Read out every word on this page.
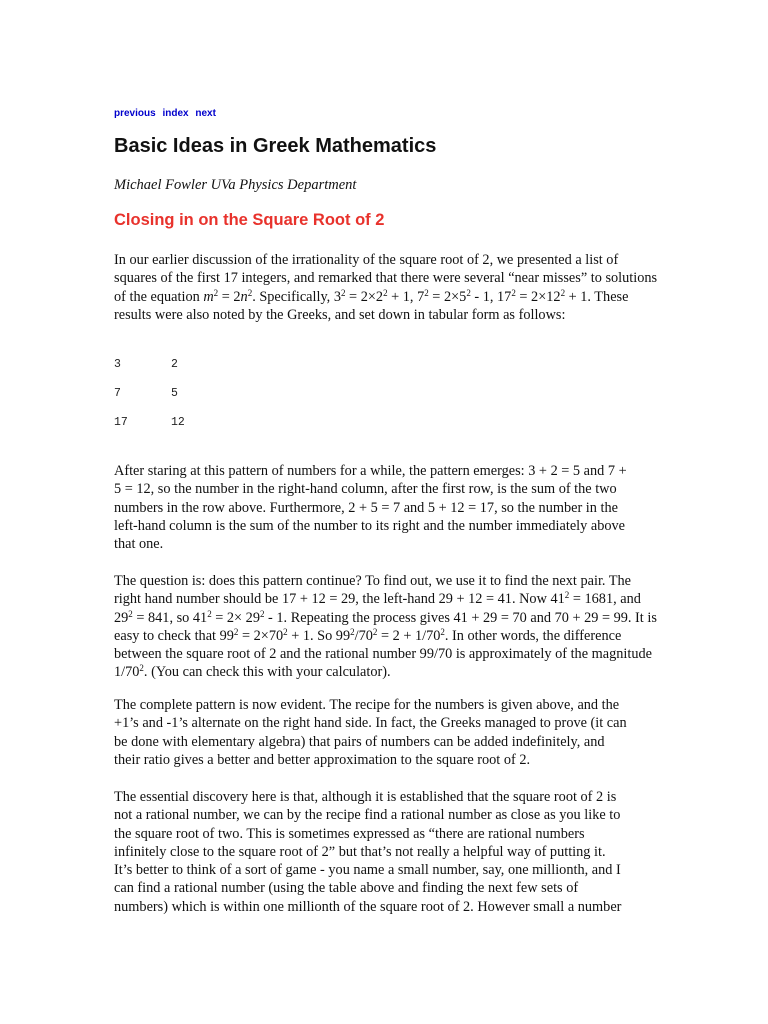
previous index next
Basic Ideas in Greek Mathematics
Michael Fowler UVa Physics Department
Closing in on the Square Root of 2

In our earlier discussion of the irrationality of the square root of 2, we presented a list of squares of the first 17 integers, and remarked that there were several “near misses” to solutions of the equation $m^2 = 2n^2$. Specifically, $3^2 = 2\times 2^2 + 1$, $7^2 = 2\times 5^2 - 1$, $17^2 = 2\times 12^2 + 1$. These results were also noted by the Greeks, and set down in tabular form as follows:

3	2
7	5
17	12
After staring at this pattern of numbers for a while, the pattern emerges: 3 + 2 = 5 and 7 +
5 = 12, so the number in the right-hand column, after the first row, is the sum of the two
numbers in the row above. Furthermore, 2 + 5 = 7 and 5 + 12 = 17, so the number in the
left-hand column is the sum of the number to its right and the number immediately above
that one.

The question is: does this pattern continue? To find out, we use it to find the next pair. The right hand number should be 17 + 12 = 29, the left-hand 29 + 12 = 41. Now $41^2 = 1681$, and $29^2 = 841$, so $41^2 = 2\times 29^2 - 1$. Repeating the process gives 41 + 29 = 70 and 70 + 29 = 99. It is easy to check that $99^2 = 2\times 70^2 + 1$. So $99^2/70^2 = 2 + 1/70^2$. In other words, the difference between the square root of 2 and the rational number 99/70 is approximately of the magnitude $1/70^2$. (You can check this with your calculator).

The complete pattern is now evident. The recipe for the numbers is given above, and the
+1’s and -1’s alternate on the right hand side. In fact, the Greeks managed to prove (it can
be done with elementary algebra) that pairs of numbers can be added indefinitely, and
their ratio gives a better and better approximation to the square root of 2.
The essential discovery here is that, although it is established that the square root of 2 is
not a rational number, we can by the recipe find a rational number as close as you like to
the square root of two. This is sometimes expressed as “there are rational numbers
infinitely close to the square root of 2” but that’s not really a helpful way of putting it.
It’s better to think of a sort of game - you name a small number, say, one millionth, and I
can find a rational number (using the table above and finding the next few sets of
numbers) which is within one millionth of the square root of 2. However small a number
